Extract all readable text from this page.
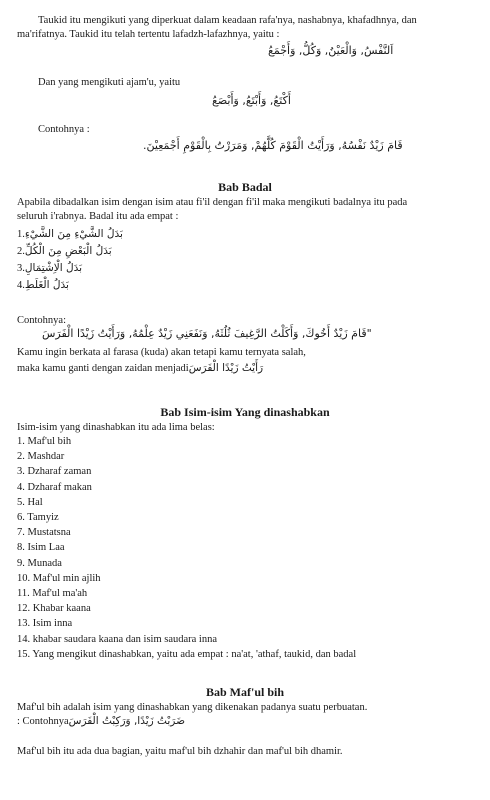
Taukid itu mengikuti yang diperkuat dalam keadaan rafa'nya, nashabnya, khafadhnya, dan
ma'rifatnya. Taukid itu telah tertentu lafadzh-lafazhnya, yaitu :
اَلنَّفْسُ, وَالْعَيْنُ, وَكُلُّ, وَأَجْمَعُ
Dan yang mengikuti ajam'u, yaitu
أَكْتَعُ, وَأَبْتَعُ, وَأَبْصَعُ
Contohnya :
قَامَ زَيْدٌ نَفْسُهُ, وَرَأَيْتُ الْقَوْمَ كُلَّهُمْ, وَمَرَرْتُ بِالْقَوْمِ أَجْمَعِيْنَ.
Bab Badal
Apabila dibadalkan isim dengan isim atau fi'il dengan fi'il maka mengikuti badalnya itu pada
seluruh i'rabnya. Badal itu ada empat :
1.بَدَلُ الشَّيْءِ مِنَ الشَّيْءِ
2.بَدَلُ الْبَعْضِ مِنَ الْكُلِّ
3.بَدَلُ الْاِشْتِمَالِ
4.بَدَلُ الْغَلَطِ
Contohnya:
"قَامَ زَيْدٌ أَخُوكَ, وَأَكَلْتُ الرَّغِيفَ ثُلُثَهُ, وَنَفَعَنِي زَيْدٌ عِلْمُهُ, وَرَأَيْتُ زَيْدًا الْفَرَسَ
Kamu ingin berkata al farasa (kuda) akan tetapi kamu ternyata salah,
maka kamu ganti dengan zaidan menjadiرَأَيْتُ زَيْدًا الْفَرَسَ
Bab Isim-isim Yang dinashabkan
Isim-isim yang dinashabkan itu ada lima belas:
1. Maf'ul bih
2. Mashdar
3. Dzharaf zaman
4. Dzharaf makan
5. Hal
6. Tamyiz
7. Mustatsna
8. Isim Laa
9. Munada
10. Maf'ul min ajlih
11. Maf'ul ma'ah
12. Khabar kaana
13. Isim inna
14. khabar saudara kaana dan isim saudara inna
15. Yang mengikut dinashabkan, yaitu ada empat : na'at, 'athaf, taukid, dan badal
Bab Maf'ul bih
Maf'ul bih adalah isim yang dinashabkan yang dikenakan padanya suatu perbuatan.
: Contohnyaضَرَبْتُ زَيْدًا, وَرَكِبْتُ الْفَرَسَ
Maf'ul bih itu ada dua bagian, yaitu maf'ul bih dzhahir dan maf'ul bih dhamir.
